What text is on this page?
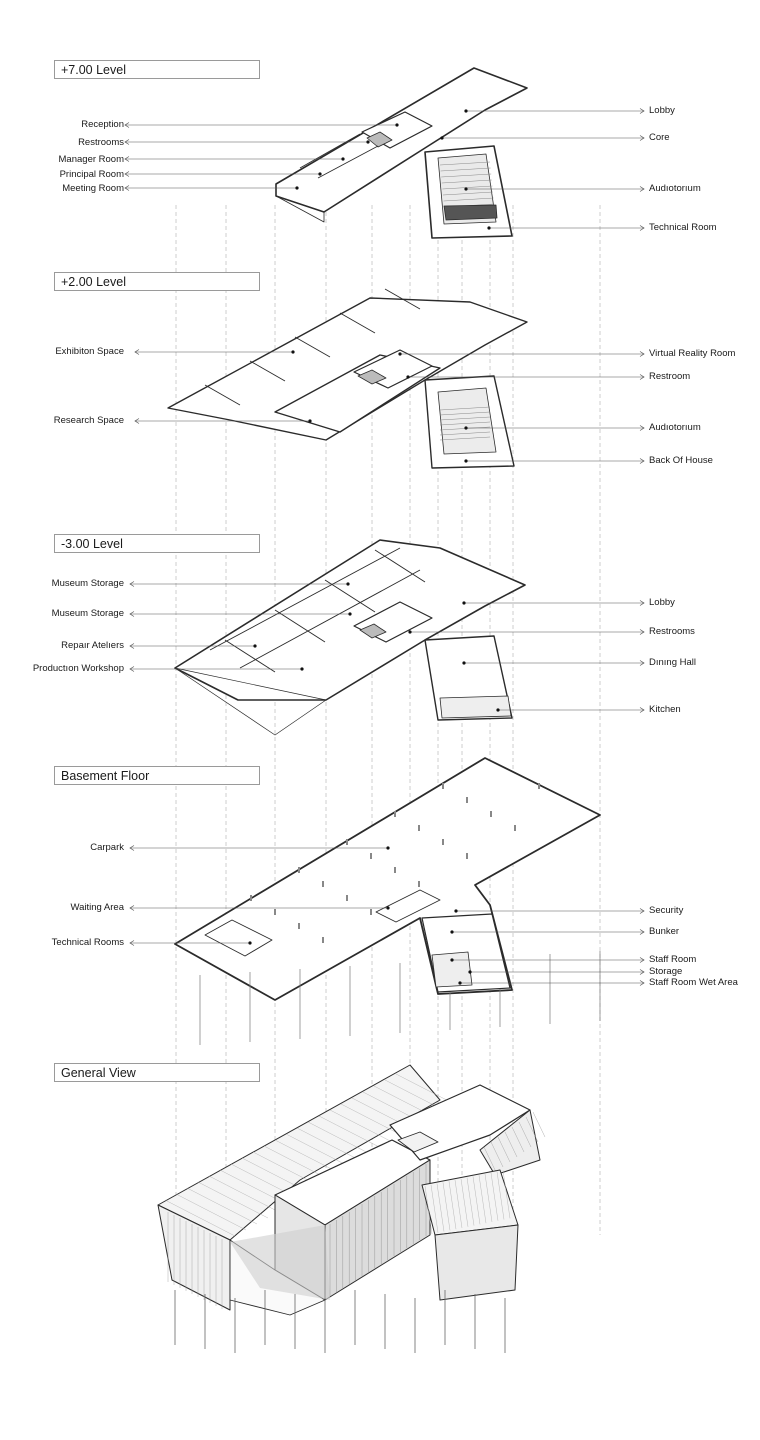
+7.00 Level
+2.00 Level
-3.00 Level
Basement Floor
General View
Reception
Restrooms
Manager Room
Principal Room
Meeting Room
Lobby
Core
Audıotorıum
Technical Room
Exhibiton Space
Research Space
Virtual Reality Room
Restroom
Audıotorıum
Back Of House
Museum Storage
Museum Storage
Repaır Atelıers
Productıon Workshop
Lobby
Restrooms
Dınıng Hall
Kitchen
Carpark
Waiting Area
Technical Rooms
Security
Bunker
Staff Room
Storage
Staff Room Wet Area
